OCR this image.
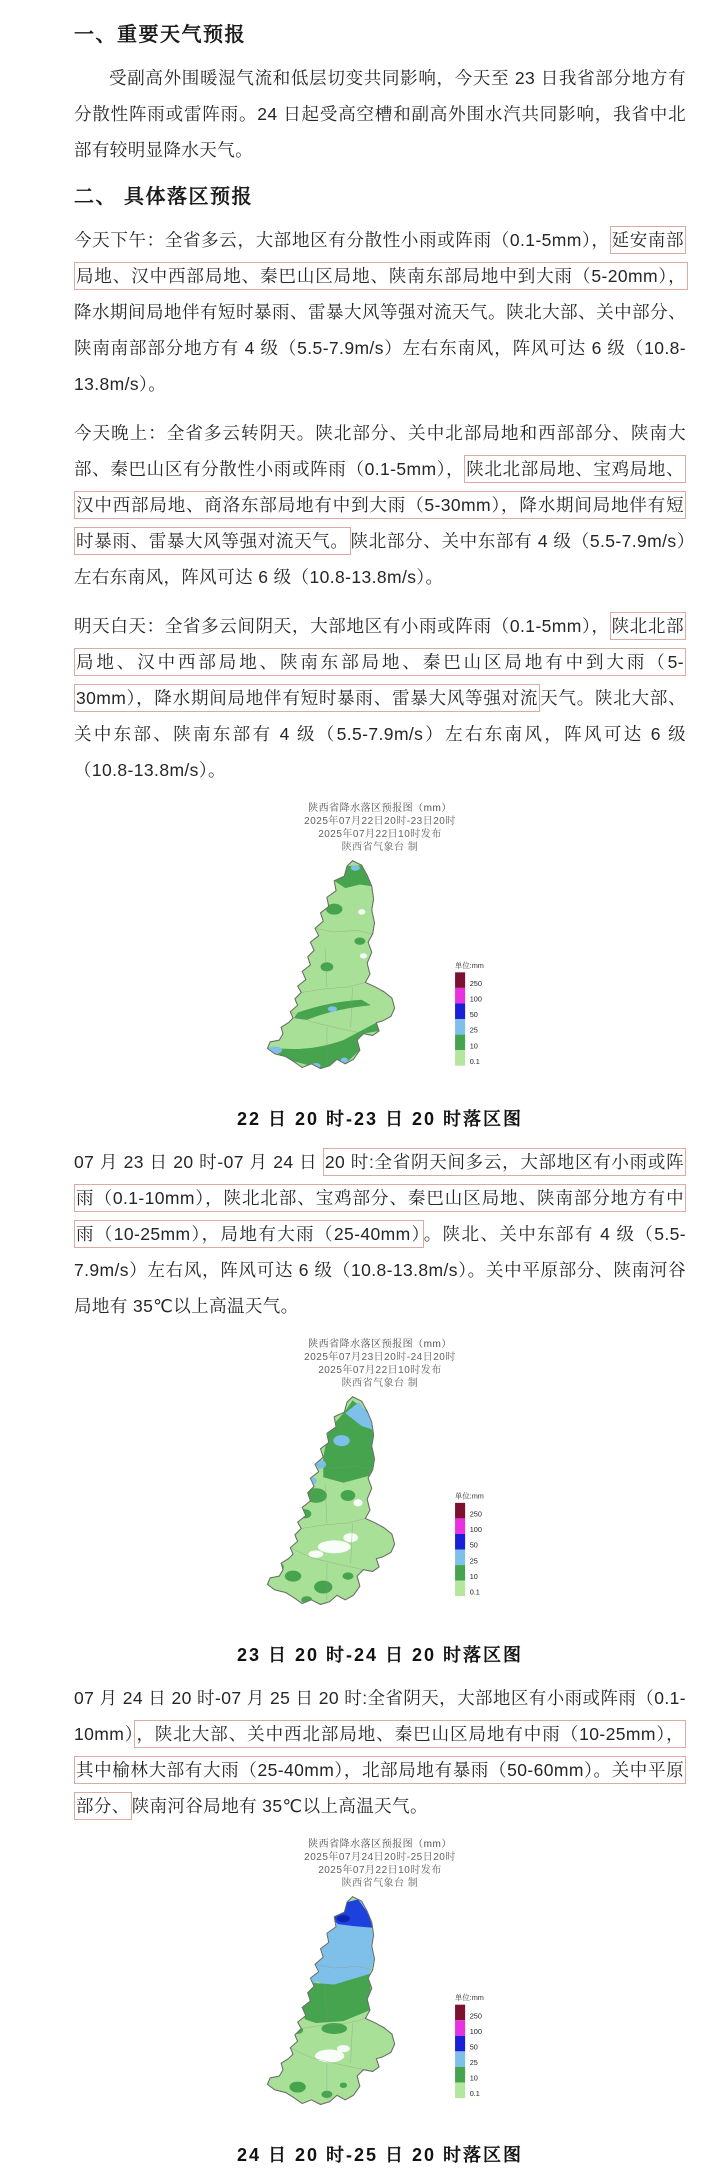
一、重要天气预报

受副高外围暖湿气流和低层切变共同影响，今天至 23 日我省部分地方有分散性阵雨或雷阵雨。24 日起受高空槽和副高外围水汽共同影响，我省中北部有较明显降水天气。

二、 具体落区预报

今天下午：全省多云，大部地区有分散性小雨或阵雨（0.1-5mm）， 延安南部局地、汉中西部局地、秦巴山区局地、陕南东部局地中到大雨（5-20mm），降水期间局地伴有短时暴雨、雷暴大风等强对流天气。陕北大部、关中部分、陕南南部部分地方有 4 级（5.5-7.9m/s）左右东南风，阵风可达 6 级（10.8-13.8m/s）。

今天晚上：全省多云转阴天。陕北部分、关中北部局地和西部部分、陕南大部、秦巴山区有分散性小雨或阵雨（0.1-5mm）， 陕北北部局地、宝鸡局地、汉中西部局地、商洛东部局地有中到大雨（5-30mm），降水期间局地伴有短时暴雨、雷暴大风等强对流天气。 陕北部分、关中东部有 4 级（5.5-7.9m/s）左右东南风，阵风可达 6 级（10.8-13.8m/s）。

明天白天：全省多云间阴天，大部地区有小雨或阵雨（0.1-5mm）， 陕北北部局地、汉中西部局地、陕南东部局地、秦巴山区局地有中到大雨（5-30mm），降水期间局地伴有短时暴雨、雷暴大风等强对流 天气。陕北大部、关中东部、陕南东部有 4 级（5.5-7.9m/s）左右东南风，阵风可达 6 级（10.8-13.8m/s）。

陕西省降水落区预报图（mm）
2025年07月22日20时-23日20时
2025年07月22日10时发布
陕西省气象台 制
单位:mm
250
100
50
25
10
0.1
22 日 20 时-23 日 20 时落区图

07 月 23 日 20 时-07 月 24 日 20 时:全省阴天间多云，大部地区有小雨或阵雨（0.1-10mm），陕北北部、宝鸡部分、秦巴山区局地、陕南部分地方有中雨（10-25mm），局地有大雨（25-40mm） 。陕北、关中东部有 4 级（5.5-7.9m/s）左右风，阵风可达 6 级（10.8-13.8m/s）。关中平原部分、陕南河谷局地有 35℃以上高温天气。

陕西省降水落区预报图（mm）
2025年07月23日20时-24日20时
2025年07月22日10时发布
陕西省气象台 制
单位:mm
250
100
50
25
10
0.1
23 日 20 时-24 日 20 时落区图

07 月 24 日 20 时-07 月 25 日 20 时:全省阴天，大部地区有小雨或阵雨（0.1-10mm） ，陕北大部、关中西北部局地、秦巴山区局地有中雨（10-25mm），其中榆林大部有大雨（25-40mm），北部局地有暴雨（50-60mm）。关中平原部分、 陕南河谷局地有 35℃以上高温天气。

陕西省降水落区预报图（mm）
2025年07月24日20时-25日20时
2025年07月22日10时发布
陕西省气象台 制
单位:mm
250
100
50
25
10
0.1
24 日 20 时-25 日 20 时落区图
